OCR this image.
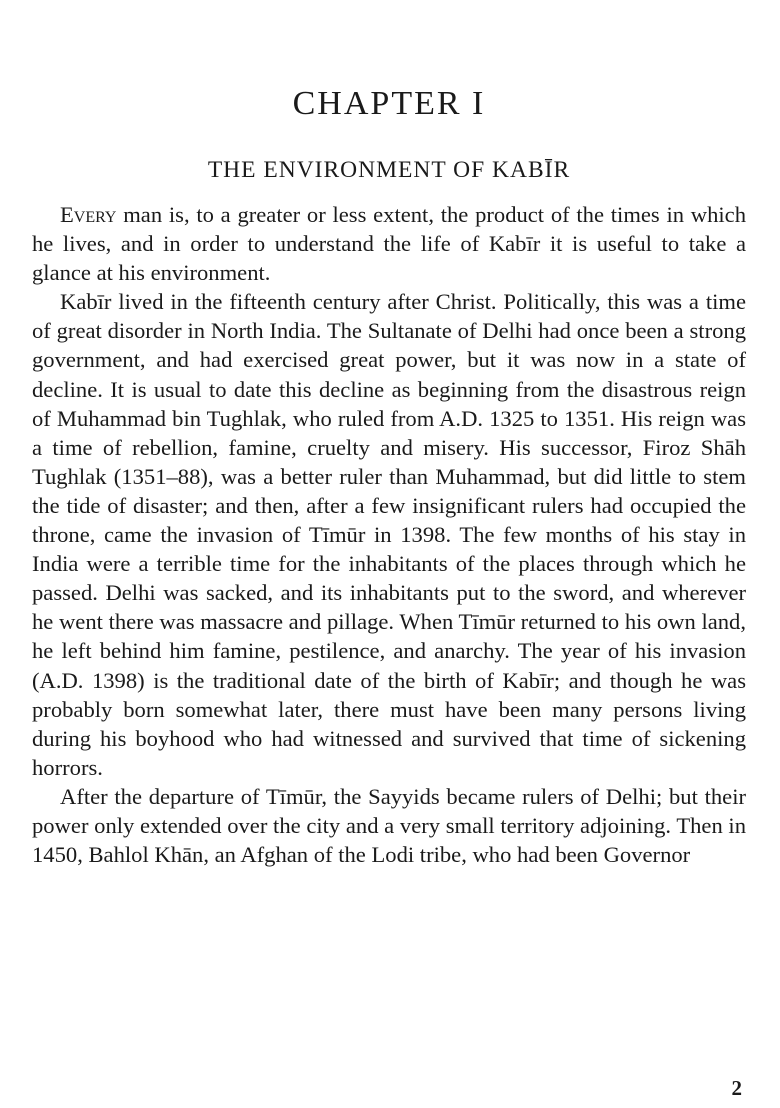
CHAPTER I
THE ENVIRONMENT OF KABĪR

Every man is, to a greater or less extent, the product of the times in which he lives, and in order to understand the life of Kabīr it is useful to take a glance at his environment.

Kabīr lived in the fifteenth century after Christ. Politically, this was a time of great disorder in North India. The Sultanate of Delhi had once been a strong government, and had exercised great power, but it was now in a state of decline. It is usual to date this decline as beginning from the disastrous reign of Muhammad bin Tughlak, who ruled from A.D. 1325 to 1351. His reign was a time of rebellion, famine, cruelty and misery. His successor, Firoz Shāh Tughlak (1351–88), was a better ruler than Muhammad, but did little to stem the tide of disaster; and then, after a few insignificant rulers had occupied the throne, came the invasion of Tīmūr in 1398. The few months of his stay in India were a terrible time for the inhabitants of the places through which he passed. Delhi was sacked, and its inhabitants put to the sword, and wherever he went there was massacre and pillage. When Tīmūr returned to his own land, he left behind him famine, pestilence, and anarchy. The year of his invasion (A.D. 1398) is the traditional date of the birth of Kabīr; and though he was probably born somewhat later, there must have been many persons living during his boyhood who had witnessed and survived that time of sickening horrors.

After the departure of Tīmūr, the Sayyids became rulers of Delhi; but their power only extended over the city and a very small territory adjoining. Then in 1450, Bahlol Khān, an Afghan of the Lodi tribe, who had been Governor

2
